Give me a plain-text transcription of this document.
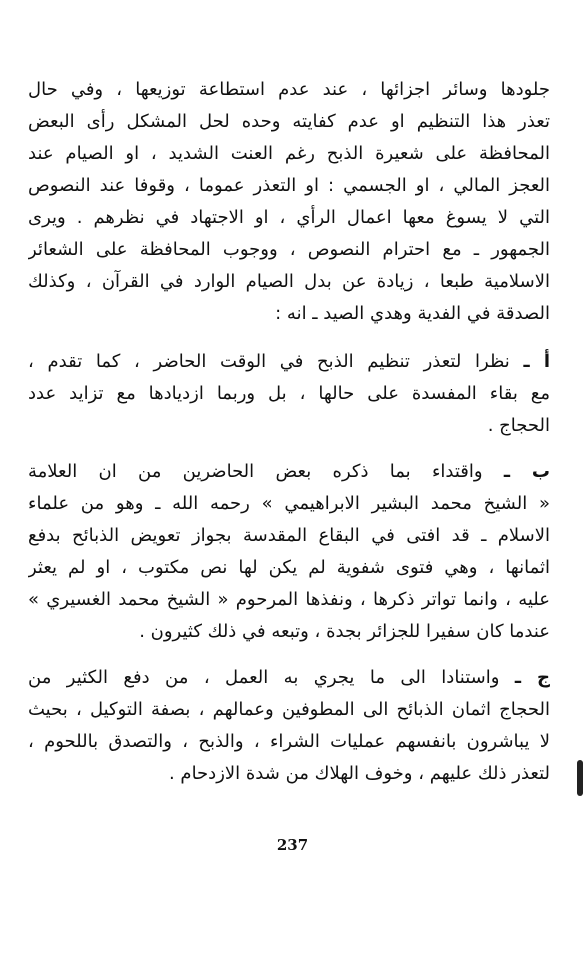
جلودها وسائر اجزائها ، عند عدم استطاعة توزيعها ، وفي حال
تعذر هذا التنظيم او عدم كفايته وحده لحل المشكل رأى البعض
المحافظة على شعيرة الذبح رغم العنت الشديد ، او الصيام عند
العجز المالي ، او الجسمي : او التعذر عموما ، وقوفا عند النصوص
التي لا يسوغ معها اعمال الرأي ، او الاجتهاد في نظرهم . ويرى
الجمهور ـ مع احترام النصوص ، ووجوب المحافظة على الشعائر
الاسلامية طبعا ، زيادة عن بدل الصيام الوارد في القرآن ، وكذلك
الصدقة في الفدية وهدي الصيد ـ انه :
أ ـ نظرا لتعذر تنظيم الذبح في الوقت الحاضر ، كما تقدم ،
مع بقاء المفسدة على حالها ، بل وربما ازديادها مع تزايد عدد
الحجاج .
ب ـ واقتداء بما ذكره بعض الحاضرين من ان العلامة
« الشيخ محمد البشير الابراهيمي » رحمه الله ـ وهو من علماء
الاسلام ـ قد افتى في البقاع المقدسة بجواز تعويض الذبائح بدفع
اثمانها ، وهي فتوى شفوية لم يكن لها نص مكتوب ، او لم يعثر
عليه ، وانما تواتر ذكرها ، ونفذها المرحوم « الشيخ محمد الغسيري »
عندما كان سفيرا للجزائر بجدة ، وتبعه في ذلك كثيرون .
ج ـ واستنادا الى ما يجري به العمل ، من دفع الكثير من
الحجاج اثمان الذبائح الى المطوفين وعمالهم ، بصفة التوكيل ، بحيث
لا يباشرون بانفسهم عمليات الشراء ، والذبح ، والتصدق باللحوم ،
لتعذر ذلك عليهم ، وخوف الهلاك من شدة الازدحام .
237
